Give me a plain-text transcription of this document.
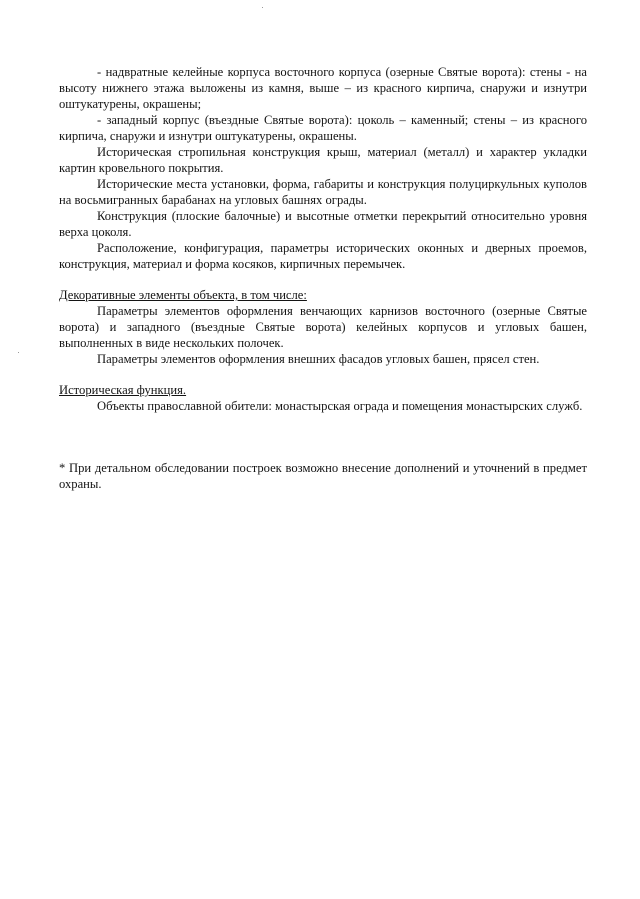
- надвратные келейные корпуса восточного корпуса (озерные Святые ворота): стены - на высоту нижнего этажа выложены из камня, выше – из красного кирпича, снаружи и изнутри оштукатурены, окрашены;

- западный корпус (въездные Святые ворота): цоколь – каменный; стены – из красного кирпича, снаружи и изнутри оштукатурены, окрашены.

Историческая стропильная конструкция крыш, материал (металл) и характер укладки картин кровельного покрытия.

Исторические места установки, форма, габариты и конструкция полуциркульных куполов на восьмигранных барабанах на угловых башнях ограды.

Конструкция (плоские балочные) и высотные отметки перекрытий относительно уровня верха цоколя.

Расположение, конфигурация, параметры исторических оконных и дверных проемов, конструкция, материал и форма косяков, кирпичных перемычек.

Декоративные элементы объекта, в том числе:

Параметры элементов оформления венчающих карнизов восточного (озерные Святые ворота) и западного (въездные Святые ворота) келейных корпусов и угловых башен, выполненных в виде нескольких полочек.

Параметры элементов оформления внешних фасадов угловых башен, прясел стен.

Историческая функция.

Объекты православной обители: монастырская ограда и помещения монастырских служб.

* При детальном обследовании построек возможно внесение дополнений и уточнений в предмет охраны.
